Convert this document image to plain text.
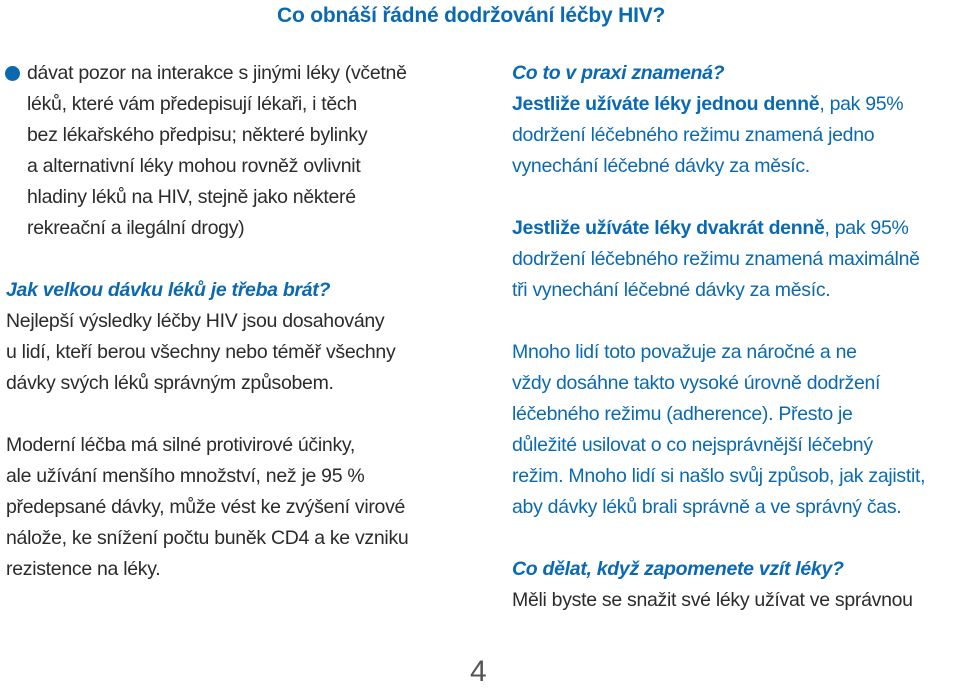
Co obnáší řádné dodržování léčby HIV?
dávat pozor na interakce s jinými léky (včetně
léků, které vám předepisují lékaři, i těch
bez lékařského předpisu; některé bylinky
a alternativní léky mohou rovněž ovlivnit
hladiny léků na HIV, stejně jako některé
rekreační a ilegální drogy)
Jak velkou dávku léků je třeba brát?
Nejlepší výsledky léčby HIV jsou dosahovány
u lidí, kteří berou všechny nebo téměř všechny
dávky svých léků správným způsobem.
Moderní léčba má silné protivirové účinky,
ale užívání menšího množství, než je 95 %
předepsané dávky, může vést ke zvýšení virové
nálože, ke snížení počtu buněk CD4 a ke vzniku
rezistence na léky.
Co to v praxi znamená?
Jestliže užíváte léky jednou denně, pak 95%
dodržení léčebného režimu znamená jedno
vynechání léčebné dávky za měsíc.
Jestliže užíváte léky dvakrát denně, pak 95%
dodržení léčebného režimu znamená maximálně
tři vynechání léčebné dávky za měsíc.
Mnoho lidí toto považuje za náročné a ne
vždy dosáhne takto vysoké úrovně dodržení
léčebného režimu (adherence). Přesto je
důležité usilovat o co nejsprávnější léčebný
režim. Mnoho lidí si našlo svůj způsob, jak zajistit,
aby dávky léků brali správně a ve správný čas.
Co dělat, když zapomenete vzít léky?
Měli byste se snažit své léky užívat ve správnou
4
